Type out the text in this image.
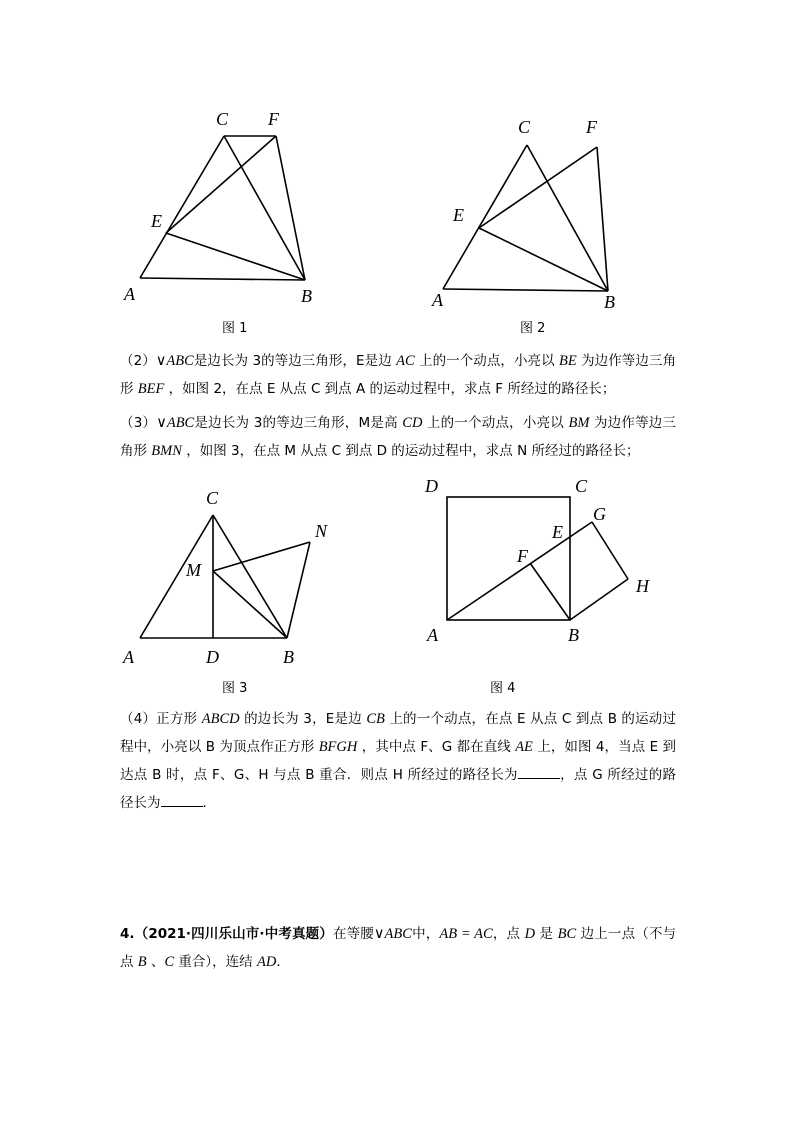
C F
E
A	B
C	F
E
A	B
图 1	图 2
（2）∨ABC是边长为 3的等边三角形，E是边 AC 上的一个动点，小亮以 BE 为边作等边三角形 BEF ，如图 2，在点 E 从点 C 到点 A 的运动过程中，求点 F 所经过的路径长；
（3）∨ABC是边长为 3的等边三角形，M是高 CD 上的一个动点，小亮以 BM 为边作等边三角形 BMN ，如图 3，在点 M 从点 C 到点 D 的运动过程中，求点 N 所经过的路径长；
C
N
M
A	D	B
D	C
G
E
F
H
A	B
图 3	图 4
（4）正方形 ABCD 的边长为 3，E是边 CB 上的一个动点，在点 E 从点 C 到点 B 的运动过程中，小亮以 B 为顶点作正方形 BFGH ，其中点 F、G 都在直线 AE 上，如图 4，当点 E 到达点 B 时，点 F、G、H 与点 B 重合．则点 H 所经过的路径长为	，点 G 所经过的路径长为	．
4.（2021·四川乐山市·中考真题）在等腰∨ABC中，AB = AC，点 D 是 BC 边上一点（不与点 B 、C 重合），连结 AD．
